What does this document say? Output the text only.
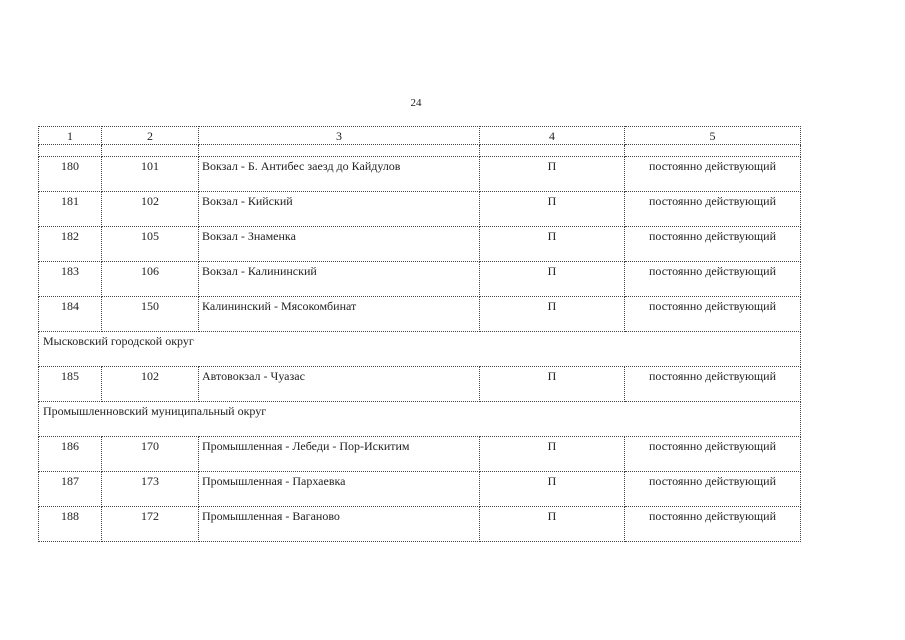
24
1	2	3	4	5

180	101	Вокзал - Б. Антибес заезд до Кайдулов	П	постоянно действующий
181	102	Вокзал - Кийский	П	постоянно действующий
182	105	Вокзал - Знаменка	П	постоянно действующий
183	106	Вокзал - Калининский	П	постоянно действующий
184	150	Калининский - Мясокомбинат	П	постоянно действующий
Мысковский городской округ				
185	102	Автовокзал - Чуазас	П	постоянно действующий
Промышленновский муниципальный округ				
186	170	Промышленная - Лебеди - Пор-Искитим	П	постоянно действующий
187	173	Промышленная - Пархаевка	П	постоянно действующий
188	172	Промышленная - Ваганово	П	постоянно действующий
